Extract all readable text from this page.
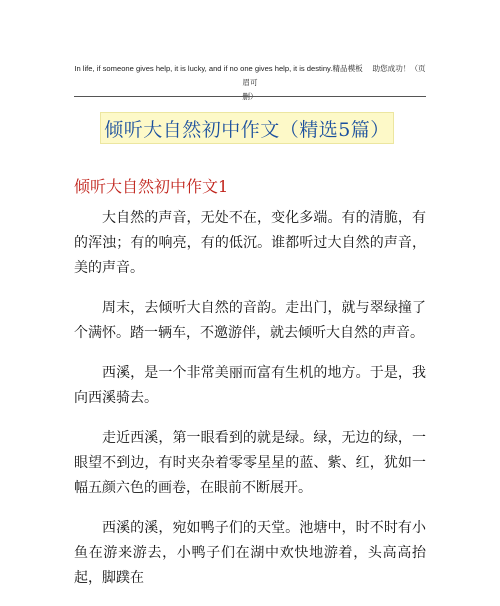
In life, if someone gives help, it is lucky, and if no one gives help, it is destiny.精品模板　 助您成功！（页眉可
删）
倾听大自然初中作文（精选5篇）
倾听大自然初中作文1

大自然的声音，无处不在，变化多端。有的清脆，有的浑浊；有的响亮，有的低沉。谁都听过大自然的声音，美的声音。

周末，去倾听大自然的音韵。走出门，就与翠绿撞了个满怀。踏一辆车，不邀游伴，就去倾听大自然的声音。

西溪，是一个非常美丽而富有生机的地方。于是，我向西溪骑去。

走近西溪，第一眼看到的就是绿。绿，无边的绿，一眼望不到边，有时夹杂着零零星星的蓝、紫、红，犹如一幅五颜六色的画卷，在眼前不断展开。

西溪的溪，宛如鸭子们的天堂。池塘中，时不时有小鱼在游来游去，小鸭子们在湖中欢快地游着，头高高抬起，脚蹼在
